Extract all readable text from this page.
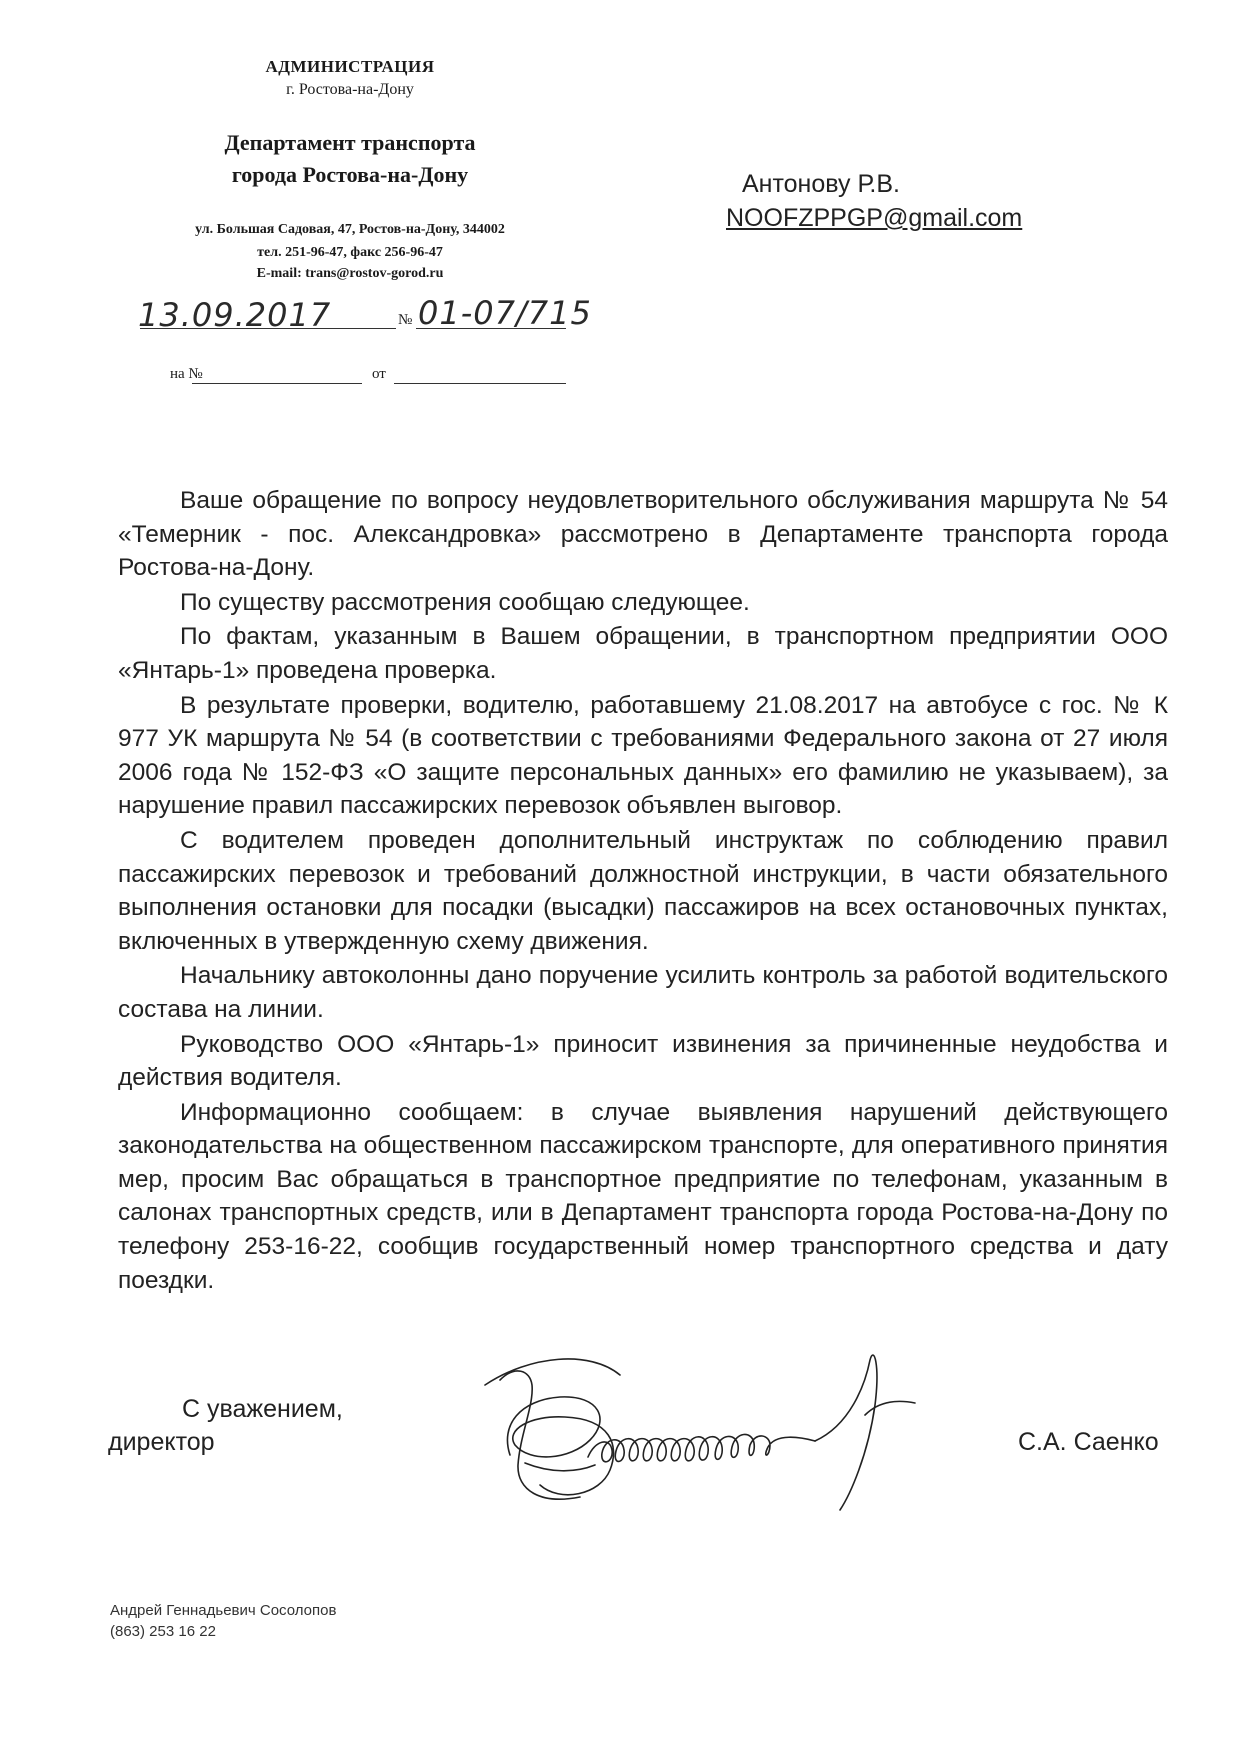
АДМИНИСТРАЦИЯ
г. Ростова-на-Дону
Департамент транспорта
города Ростова-на-Дону
ул. Большая Садовая, 47, Ростов-на-Дону, 344002
тел. 251-96-47, факс 256-96-47
E-mail: trans@rostov-gorod.ru
13.09.2017	№ 01-07/715
на №	от
Антонову Р.В.
NOOFZPPGP@gmail.com

Ваше обращение по вопросу неудовлетворительного обслуживания маршрута № 54 «Темерник - пос. Александровка» рассмотрено в Департаменте транспорта города Ростова-на-Дону.

По существу рассмотрения сообщаю следующее.

По фактам, указанным в Вашем обращении, в транспортном предприятии ООО «Янтарь-1» проведена проверка.

В результате проверки, водителю, работавшему 21.08.2017 на автобусе с гос. № К 977 УК маршрута № 54 (в соответствии с требованиями Федерального закона от 27 июля 2006 года № 152-ФЗ «О защите персональных данных» его фамилию не указываем), за нарушение правил пассажирских перевозок объявлен выговор.

С водителем проведен дополнительный инструктаж по соблюдению правил пассажирских перевозок и требований должностной инструкции, в части обязательного выполнения остановки для посадки (высадки) пассажиров на всех остановочных пунктах, включенных в утвержденную схему движения.

Начальнику автоколонны дано поручение усилить контроль за работой водительского состава на линии.

Руководство ООО «Янтарь-1» приносит извинения за причиненные неудобства и действия водителя.

Информационно сообщаем: в случае выявления нарушений действующего законодательства на общественном пассажирском транспорте, для оперативного принятия мер, просим Вас обращаться в транспортное предприятие по телефонам, указанным в салонах транспортных средств, или в Департамент транспорта города Ростова-на-Дону по телефону 253-16-22, сообщив государственный номер транспортного средства и дату поездки.

С уважением,
директор	С.А. Саенко
Андрей Геннадьевич Сосолопов
(863) 253 16 22
